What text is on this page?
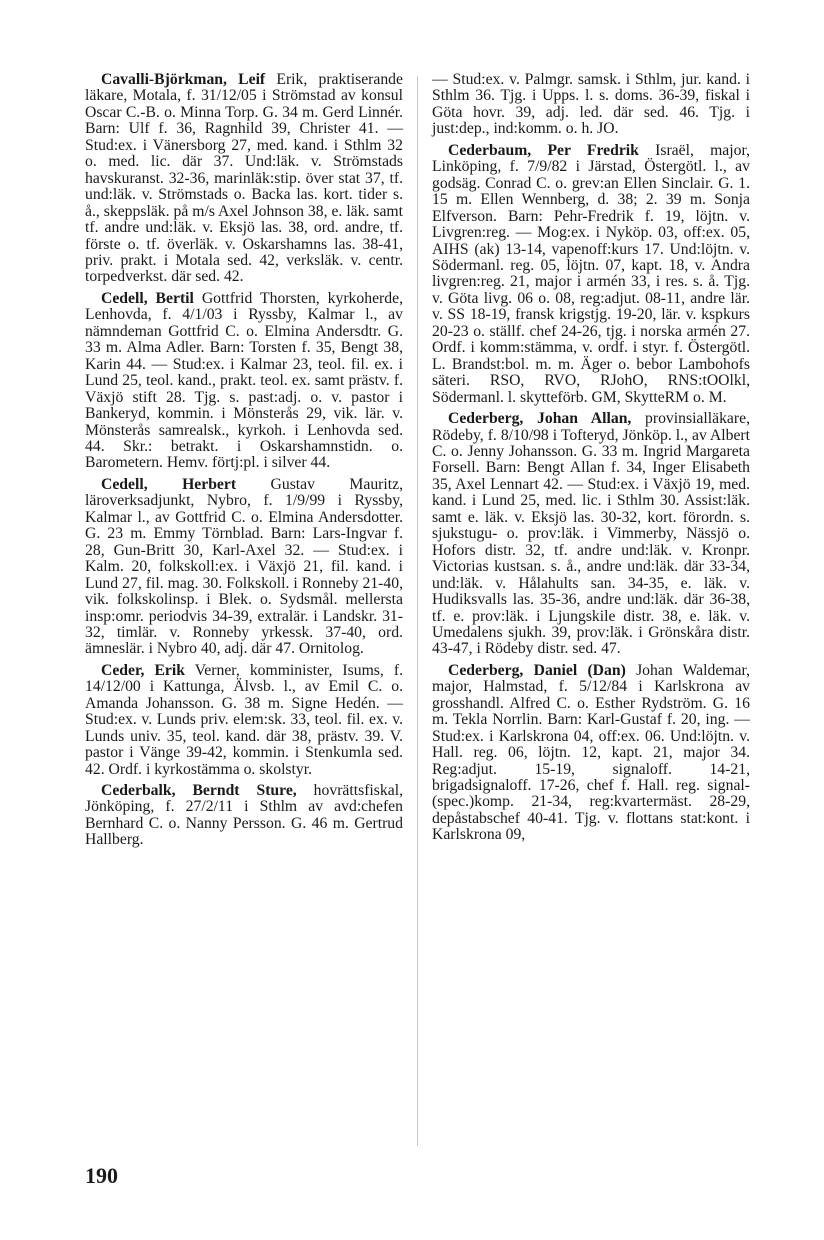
Cavalli-Björkman, Leif Erik, praktiserande läkare, Motala, f. 31/12/05 i Strömstad av konsul Oscar C.-B. o. Minna Torp. G. 34 m. Gerd Linnér. Barn: Ulf f. 36, Ragnhild 39, Christer 41. — Stud:ex. i Vänersborg 27, med. kand. i Sthlm 32 o. med. lic. där 37. Und:läk. v. Strömstads havskuranst. 32-36, marinläk:stip. över stat 37, tf. und:läk. v. Strömstads o. Backa las. kort. tider s. å., skeppsläk. på m/s Axel Johnson 38, e. läk. samt tf. andre und:läk. v. Eksjö las. 38, ord. andre, tf. förste o. tf. överläk. v. Oskarshamns las. 38-41, priv. prakt. i Motala sed. 42, verksläk. v. centr. torpedverkst. där sed. 42.

Cedell, Bertil Gottfrid Thorsten, kyrkoherde, Lenhovda, f. 4/1/03 i Ryssby, Kalmar l., av nämndeman Gottfrid C. o. Elmina Andersdtr. G. 33 m. Alma Adler. Barn: Torsten f. 35, Bengt 38, Karin 44. — Stud:ex. i Kalmar 23, teol. fil. ex. i Lund 25, teol. kand., prakt. teol. ex. samt prästv. f. Växjö stift 28. Tjg. s. past:adj. o. v. pastor i Bankeryd, kommin. i Mönsterås 29, vik. lär. v. Mönsterås samrealsk., kyrkoh. i Lenhovda sed. 44. Skr.: betrakt. i Oskarshamnstidn. o. Barometern. Hemv. förtj:pl. i silver 44.

Cedell, Herbert Gustav Mauritz, läroverksadjunkt, Nybro, f. 1/9/99 i Ryssby, Kalmar l., av Gottfrid C. o. Elmina Andersdotter. G. 23 m. Emmy Törnblad. Barn: Lars-Ingvar f. 28, Gun-Britt 30, Karl-Axel 32. — Stud:ex. i Kalm. 20, folkskoll:ex. i Växjö 21, fil. kand. i Lund 27, fil. mag. 30. Folkskoll. i Ronneby 21-40, vik. folkskolinsp. i Blek. o. Sydsmål. mellersta insp:omr. periodvis 34-39, extralär. i Landskr. 31-32, timlär. v. Ronneby yrkessk. 37-40, ord. ämneslär. i Nybro 40, adj. där 47. Ornitolog.

Ceder, Erik Verner, komminister, Isums, f. 14/12/00 i Kattunga, Älvsb. l., av Emil C. o. Amanda Johansson. G. 38 m. Signe Hedén. — Stud:ex. v. Lunds priv. elem:sk. 33, teol. fil. ex. v. Lunds univ. 35, teol. kand. där 38, prästv. 39. V. pastor i Vänge 39-42, kommin. i Stenkumla sed. 42. Ordf. i kyrkostämma o. skolstyr.

Cederbalk, Berndt Sture, hovrättsfiskal, Jönköping, f. 27/2/11 i Sthlm av avd:chefen Bernhard C. o. Nanny Persson. G. 46 m. Gertrud Hallberg.

— Stud:ex. v. Palmgr. samsk. i Sthlm, jur. kand. i Sthlm 36. Tjg. i Upps. l. s. doms. 36-39, fiskal i Göta hovr. 39, adj. led. där sed. 46. Tjg. i just:dep., ind:komm. o. h. JO.

Cederbaum, Per Fredrik Israël, major, Linköping, f. 7/9/82 i Järstad, Östergötl. l., av godsäg. Conrad C. o. grev:an Ellen Sinclair. G. 1. 15 m. Ellen Wennberg, d. 38; 2. 39 m. Sonja Elfverson. Barn: Pehr-Fredrik f. 19, löjtn. v. Livgren:reg. — Mog:ex. i Nyköp. 03, off:ex. 05, AIHS (ak) 13-14, vapenoff:kurs 17. Und:löjtn. v. Södermanl. reg. 05, löjtn. 07, kapt. 18, v. Andra livgren:reg. 21, major i armén 33, i res. s. å. Tjg. v. Göta livg. 06 o. 08, reg:adjut. 08-11, andre lär. v. SS 18-19, fransk krigstjg. 19-20, lär. v. kspkurs 20-23 o. ställf. chef 24-26, tjg. i norska armén 27. Ordf. i komm:stämma, v. ordf. i styr. f. Östergötl. L. Brandst:bol. m. m. Äger o. bebor Lambohofs säteri. RSO, RVO, RJohO, RNS:tOOlkl, Södermanl. l. skytteförb. GM, SkytteRM o. M.

Cederberg, Johan Allan, provinsialläkare, Rödeby, f. 8/10/98 i Tofteryd, Jönköp. l., av Albert C. o. Jenny Johansson. G. 33 m. Ingrid Margareta Forsell. Barn: Bengt Allan f. 34, Inger Elisabeth 35, Axel Lennart 42. — Stud:ex. i Växjö 19, med. kand. i Lund 25, med. lic. i Sthlm 30. Assist:läk. samt e. läk. v. Eksjö las. 30-32, kort. förordn. s. sjukstugu- o. prov:läk. i Vimmerby, Nässjö o. Hofors distr. 32, tf. andre und:läk. v. Kronpr. Victorias kustsan. s. å., andre und:läk. där 33-34, und:läk. v. Hålahults san. 34-35, e. läk. v. Hudiksvalls las. 35-36, andre und:läk. där 36-38, tf. e. prov:läk. i Ljungskile distr. 38, e. läk. v. Umedalens sjukh. 39, prov:läk. i Grönskåra distr. 43-47, i Rödeby distr. sed. 47.

Cederberg, Daniel (Dan) Johan Waldemar, major, Halmstad, f. 5/12/84 i Karlskrona av grosshandl. Alfred C. o. Esther Rydström. G. 16 m. Tekla Norrlin. Barn: Karl-Gustaf f. 20, ing. — Stud:ex. i Karlskrona 04, off:ex. 06. Und:löjtn. v. Hall. reg. 06, löjtn. 12, kapt. 21, major 34. Reg:adjut. 15-19, signaloff. 14-21, brigadsignaloff. 17-26, chef f. Hall. reg. signal-(spec.)komp. 21-34, reg:kvartermäst. 28-29, depåstabschef 40-41. Tjg. v. flottans stat:kont. i Karlskrona 09,

190
